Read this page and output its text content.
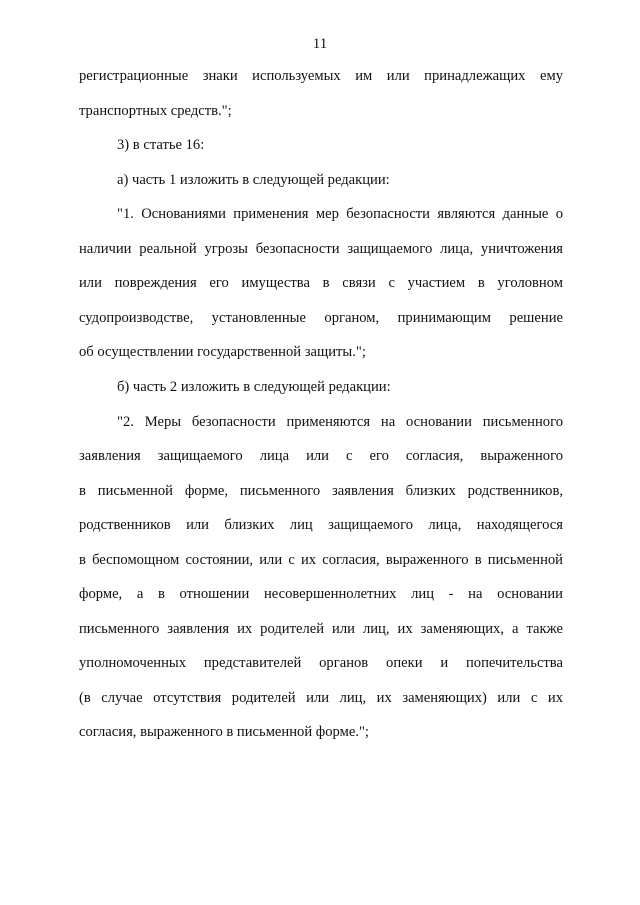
11
регистрационные знаки используемых им или принадлежащих ему
транспортных средств.";
3) в статье 16:
а) часть 1 изложить в следующей редакции:
"1. Основаниями применения мер безопасности являются данные о
наличии реальной угрозы безопасности защищаемого лица, уничтожения
или повреждения его имущества в связи с участием в уголовном
судопроизводстве, установленные органом, принимающим решение
об осуществлении государственной защиты.";
б) часть 2 изложить в следующей редакции:
"2. Меры безопасности применяются на основании письменного
заявления защищаемого лица или с его согласия, выраженного
в письменной форме, письменного заявления близких родственников,
родственников или близких лиц защищаемого лица, находящегося
в беспомощном состоянии, или с их согласия, выраженного в письменной
форме, а в отношении несовершеннолетних лиц - на основании
письменного заявления их родителей или лиц, их заменяющих, а также
уполномоченных представителей органов опеки и попечительства
(в случае отсутствия родителей или лиц, их заменяющих) или с их
согласия, выраженного в письменной форме.";
